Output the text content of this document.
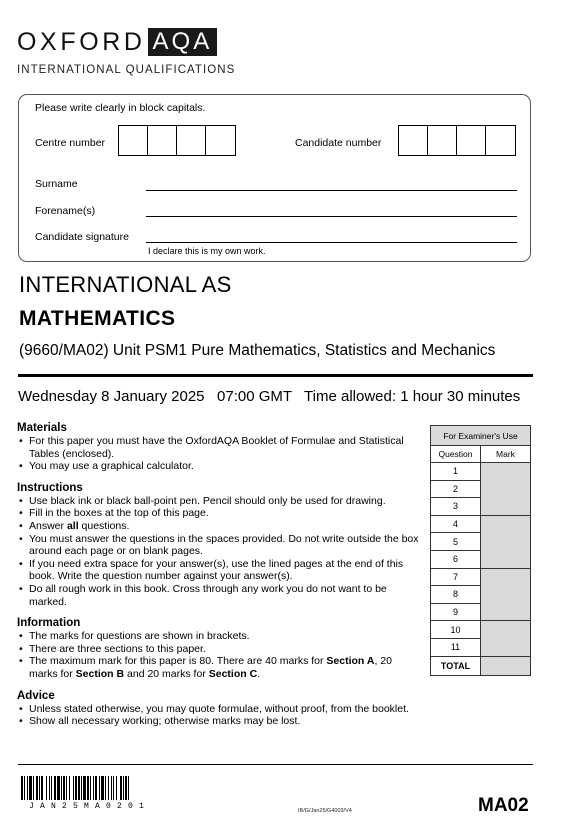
OXFORD AQA
INTERNATIONAL QUALIFICATIONS
Please write clearly in block capitals.
Centre number	Candidate number
Surname
Forename(s)
Candidate signature
I declare this is my own work.
INTERNATIONAL AS
MATHEMATICS
(9660/MA02) Unit PSM1 Pure Mathematics, Statistics and Mechanics
Wednesday 8 January 2025 07:00 GMT Time allowed: 1 hour 30 minutes
Materials
• For this paper you must have the OxfordAQA Booklet of Formulae and Statistical Tables (enclosed).
• You may use a graphical calculator.
Instructions
• Use black ink or black ball-point pen. Pencil should only be used for drawing.
• Fill in the boxes at the top of this page.
• Answer all questions.
• You must answer the questions in the spaces provided. Do not write outside the box around each page or on blank pages.
• If you need extra space for your answer(s), use the lined pages at the end of this book. Write the question number against your answer(s).
• Do all rough work in this book. Cross through any work you do not want to be marked.
Information
• The marks for questions are shown in brackets.
• There are three sections to this paper.
• The maximum mark for this paper is 80. There are 40 marks for Section A, 20 marks for Section B and 20 marks for Section C.
Advice
• Unless stated otherwise, you may quote formulae, without proof, from the booklet.
• Show all necessary working; otherwise marks may be lost.
For Examiner's Use	
Question	Mark
1	
2	
3	
4	
5	
6	
7	
8	
9	
10	
11	
TOTAL	
JAN25MA0201	IB/G/Jan25/G4003/V4	MA02
